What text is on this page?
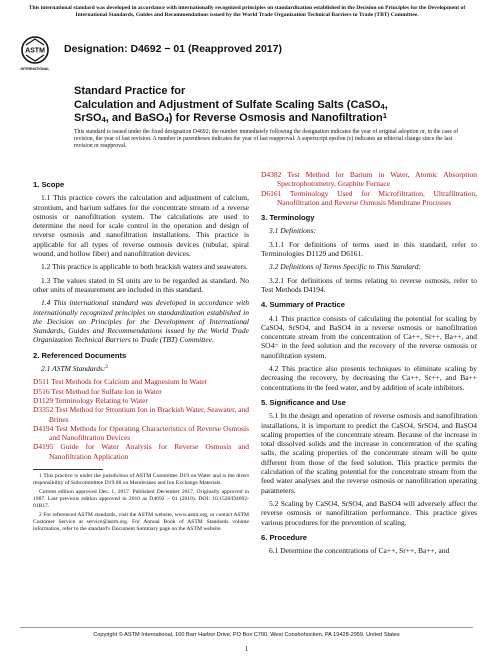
This international standard was developed in accordance with internationally recognized principles on standardization established in the Decision on Principles for the Development of International Standards, Guides and Recommendations issued by the World Trade Organization Technical Barriers to Trade (TBT) Committee.
ASTM
INTERNATIONAL
Designation: D4692 − 01 (Reapproved 2017)
Standard Practice for
Calculation and Adjustment of Sulfate Scaling Salts (CaSO$_4$,
SrSO$_4$, and BaSO$_4$) for Reverse Osmosis and Nanofiltration$^1$
This standard is issued under the fixed designation D4692; the number immediately following the designation indicates the year of original adoption or, in the case of revision, the year of last revision. A number in parentheses indicates the year of last reapproval. A superscript epsilon (ε) indicates an editorial change since the last revision or reapproval.
1. Scope

1.1 This practice covers the calculation and adjustment of calcium, strontium, and barium sulfates for the concentrate stream of a reverse osmosis or nanofiltration system. The calculations are used to determine the need for scale control in the operation and design of reverse osmosis and nanofiltration installations. This practice is applicable for all types of reverse osmosis devices (tubular, spiral wound, and hollow fiber) and nanofiltration devices.

1.2 This practice is applicable to both brackish waters and seawaters.

1.3 The values stated in SI units are to be regarded as standard. No other units of measurement are included in this standard.

1.4 This international standard was developed in accordance with internationally recognized principles on standardization established in the Decision on Principles for the Development of International Standards, Guides and Recommendations issued by the World Trade Organization Technical Barriers to Trade (TBT) Committee.

2. Referenced Documents

2.1 ASTM Standards:$^2$

D511 Test Methods for Calcium and Magnesium In Water
D516 Test Method for Sulfate Ion in Water
D1129 Terminology Relating to Water
D3352 Test Method for Strontium Ion in Brackish Water, Seawater, and Brines
D4194 Test Methods for Operating Characteristics of Reverse Osmosis and Nanofiltration Devices
D4195 Guide for Water Analysis for Reverse Osmosis and Nanofiltration Application

1 This practice is under the jurisdiction of ASTM Committee D19 on Water and is the direct responsibility of Subcommittee D19.08 on Membranes and Ion Exchange Materials.

Current edition approved Dec. 1, 2017. Published December 2017. Originally approved in 1987. Last previous edition approved in 2010 as D4692 – 01 (2010). DOI: 10.1520/D4692-01R17.

2 For referenced ASTM standards, visit the ASTM website, www.astm.org, or contact ASTM Customer Service at service@astm.org. For Annual Book of ASTM Standards volume information, refer to the standard's Document Summary page on the ASTM website.

D4382 Test Method for Barium in Water, Atomic Absorption Spectrophotometry, Graphite Furnace
D6161 Terminology Used for Microfiltration, Ultrafiltration, Nanofiltration and Reverse Osmosis Membrane Processes
3. Terminology

3.1 Definitions:

3.1.1 For definitions of terms used in this standard, refer to Terminologies D1129 and D6161.

3.2 Definitions of Terms Specific to This Standard:

3.2.1 For definitions of terms relating to reverse osmosis, refer to Test Methods D4194.

4. Summary of Practice

4.1 This practice consists of calculating the potential for scaling by CaSO4, SrSO4, and BaSO4 in a reverse osmosis or nanofiltration concentrate stream from the concentration of Ca++, Sr++, Ba++, and SO4= in the feed solution and the recovery of the reverse osmosis or nanofiltration system.

4.2 This practice also presents techniques to eliminate scaling by decreasing the recovery, by decreasing the Ca++, Sr++, and Ba++ concentrations in the feed water, and by addition of scale inhibitors.

5. Significance and Use

5.1 In the design and operation of reverse osmosis and nanofiltration installations, it is important to predict the CaSO4, SrSO4, and BaSO4 scaling properties of the concentrate stream. Because of the increase in total dissolved solids and the increase in concentration of the scaling salts, the scaling properties of the concentrate stream will be quite different from those of the feed solution. This practice permits the calculation of the scaling potential for the concentrate stream from the feed water analyses and the reverse osmosis or nanofiltration operating parameters.

5.2 Scaling by CaSO4, SrSO4, and BaSO4 will adversely affect the reverse osmosis or nanofiltration performance. This practice gives various procedures for the prevention of scaling.

6. Procedure

6.1 Determine the concentrations of Ca++, Sr++, Ba++, and

Copyright © ASTM International, 100 Barr Harbor Drive, PO Box C700, West Conshohocken, PA 19428-2959. United States
1
